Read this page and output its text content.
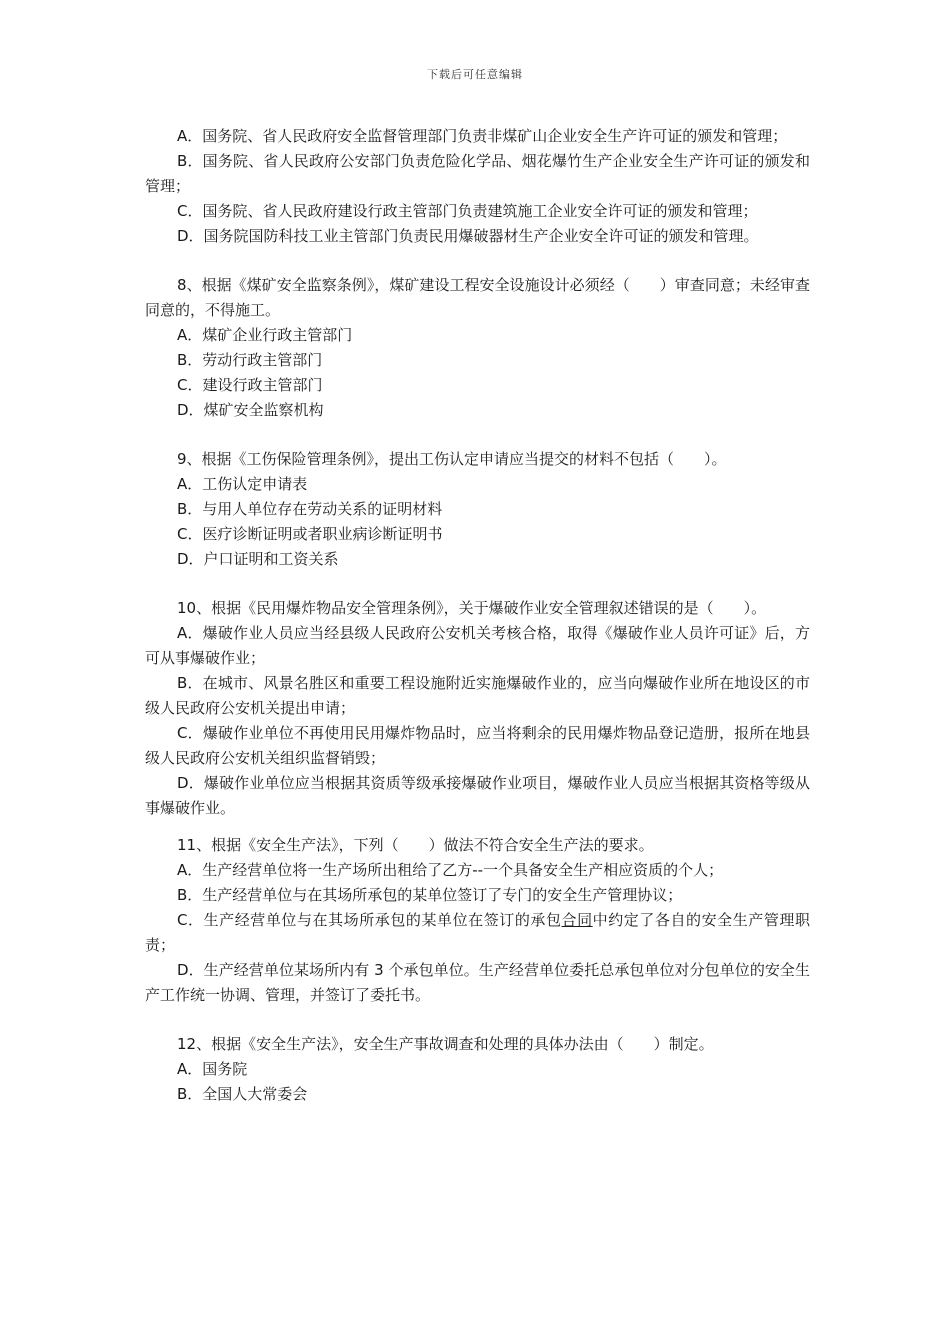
下载后可任意编辑

A．国务院、省人民政府安全监督管理部门负责非煤矿山企业安全生产许可证的颁发和管理；

B．国务院、省人民政府公安部门负责危险化学品、烟花爆竹生产企业安全生产许可证的颁发和管理；

C．国务院、省人民政府建设行政主管部门负责建筑施工企业安全许可证的颁发和管理；

D．国务院国防科技工业主管部门负责民用爆破器材生产企业安全许可证的颁发和管理。

8、根据《煤矿安全监察条例》，煤矿建设工程安全设施设计必须经（　　）审查同意；未经审查同意的，不得施工。

A．煤矿企业行政主管部门

B．劳动行政主管部门

C．建设行政主管部门

D．煤矿安全监察机构

9、根据《工伤保险管理条例》，提出工伤认定申请应当提交的材料不包括（　　）。

A．工伤认定申请表

B．与用人单位存在劳动关系的证明材料

C．医疗诊断证明或者职业病诊断证明书

D．户口证明和工资关系

10、根据《民用爆炸物品安全管理条例》，关于爆破作业安全管理叙述错误的是（　　）。

A．爆破作业人员应当经县级人民政府公安机关考核合格，取得《爆破作业人员许可证》后，方可从事爆破作业；

B．在城市、风景名胜区和重要工程设施附近实施爆破作业的，应当向爆破作业所在地设区的市级人民政府公安机关提出申请；

C．爆破作业单位不再使用民用爆炸物品时，应当将剩余的民用爆炸物品登记造册，报所在地县级人民政府公安机关组织监督销毁；

D．爆破作业单位应当根据其资质等级承接爆破作业项目，爆破作业人员应当根据其资格等级从事爆破作业。

11、根据《安全生产法》，下列（　　）做法不符合安全生产法的要求。

A．生产经营单位将一生产场所出租给了乙方--一个具备安全生产相应资质的个人；

B．生产经营单位与在其场所承包的某单位签订了专门的安全生产管理协议；

C．生产经营单位与在其场所承包的某单位在签订的承包合同中约定了各自的安全生产管理职责；

D．生产经营单位某场所内有 3 个承包单位。生产经营单位委托总承包单位对分包单位的安全生产工作统一协调、管理，并签订了委托书。

12、根据《安全生产法》，安全生产事故调查和处理的具体办法由（　　）制定。

A．国务院

B．全国人大常委会
